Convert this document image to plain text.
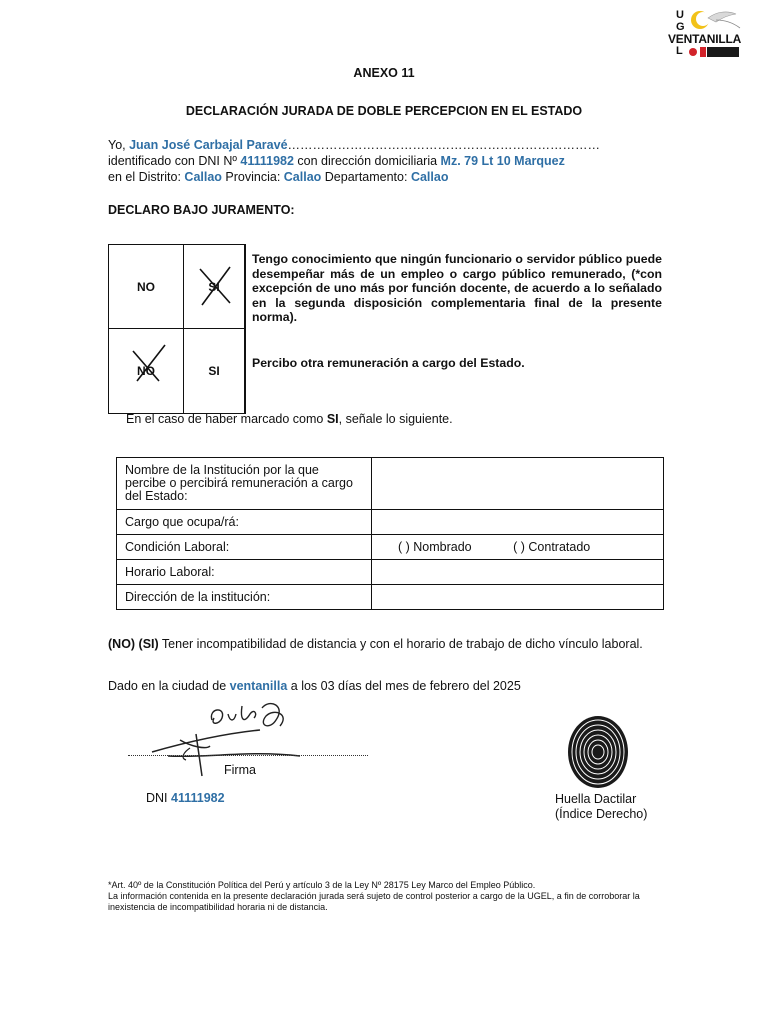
U
G
VENTANILLA
L
ANEXO 11
DECLARACIÓN JURADA DE DOBLE PERCEPCION EN EL ESTADO
Yo, Juan José Carbajal Paravé…………………………………………………………………
identificado con DNI Nº 41111982 con dirección domiciliaria Mz. 79 Lt 10 Marquez
en el Distrito: Callao Provincia: Callao Departamento: Callao
DECLARO BAJO JURAMENTO:
NO	SI
NO	SI
Tengo conocimiento que ningún funcionario o servidor público puede desempeñar más de un empleo o cargo público remunerado, (*con excepción de uno más por función docente, de acuerdo a lo señalado en la segunda disposición complementaria final de la presente norma).
Percibo otra remuneración a cargo del Estado.
En el caso de haber marcado como SI, señale lo siguiente.
Nombre de la Institución por la que percibe o percibirá remuneración a cargo del Estado:	
Cargo que ocupa/rá:	
Condición Laboral:	( ) Nombrado ( ) Contratado
Horario Laboral:	
Dirección de la institución:	
(NO) (SI) Tener incompatibilidad de distancia y con el horario de trabajo de dicho vínculo laboral.
Dado en la ciudad de ventanilla a los 03 días del mes de febrero del 2025
Firma
DNI 41111982	Huella Dactilar
(Índice Derecho)
*Art. 40º de la Constitución Política del Perú y artículo 3 de la Ley Nº 28175 Ley Marco del Empleo Público.
La información contenida en la presente declaración jurada será sujeto de control posterior a cargo de la UGEL, a fin de corroborar la inexistencia de incompatibilidad horaria ni de distancia.
